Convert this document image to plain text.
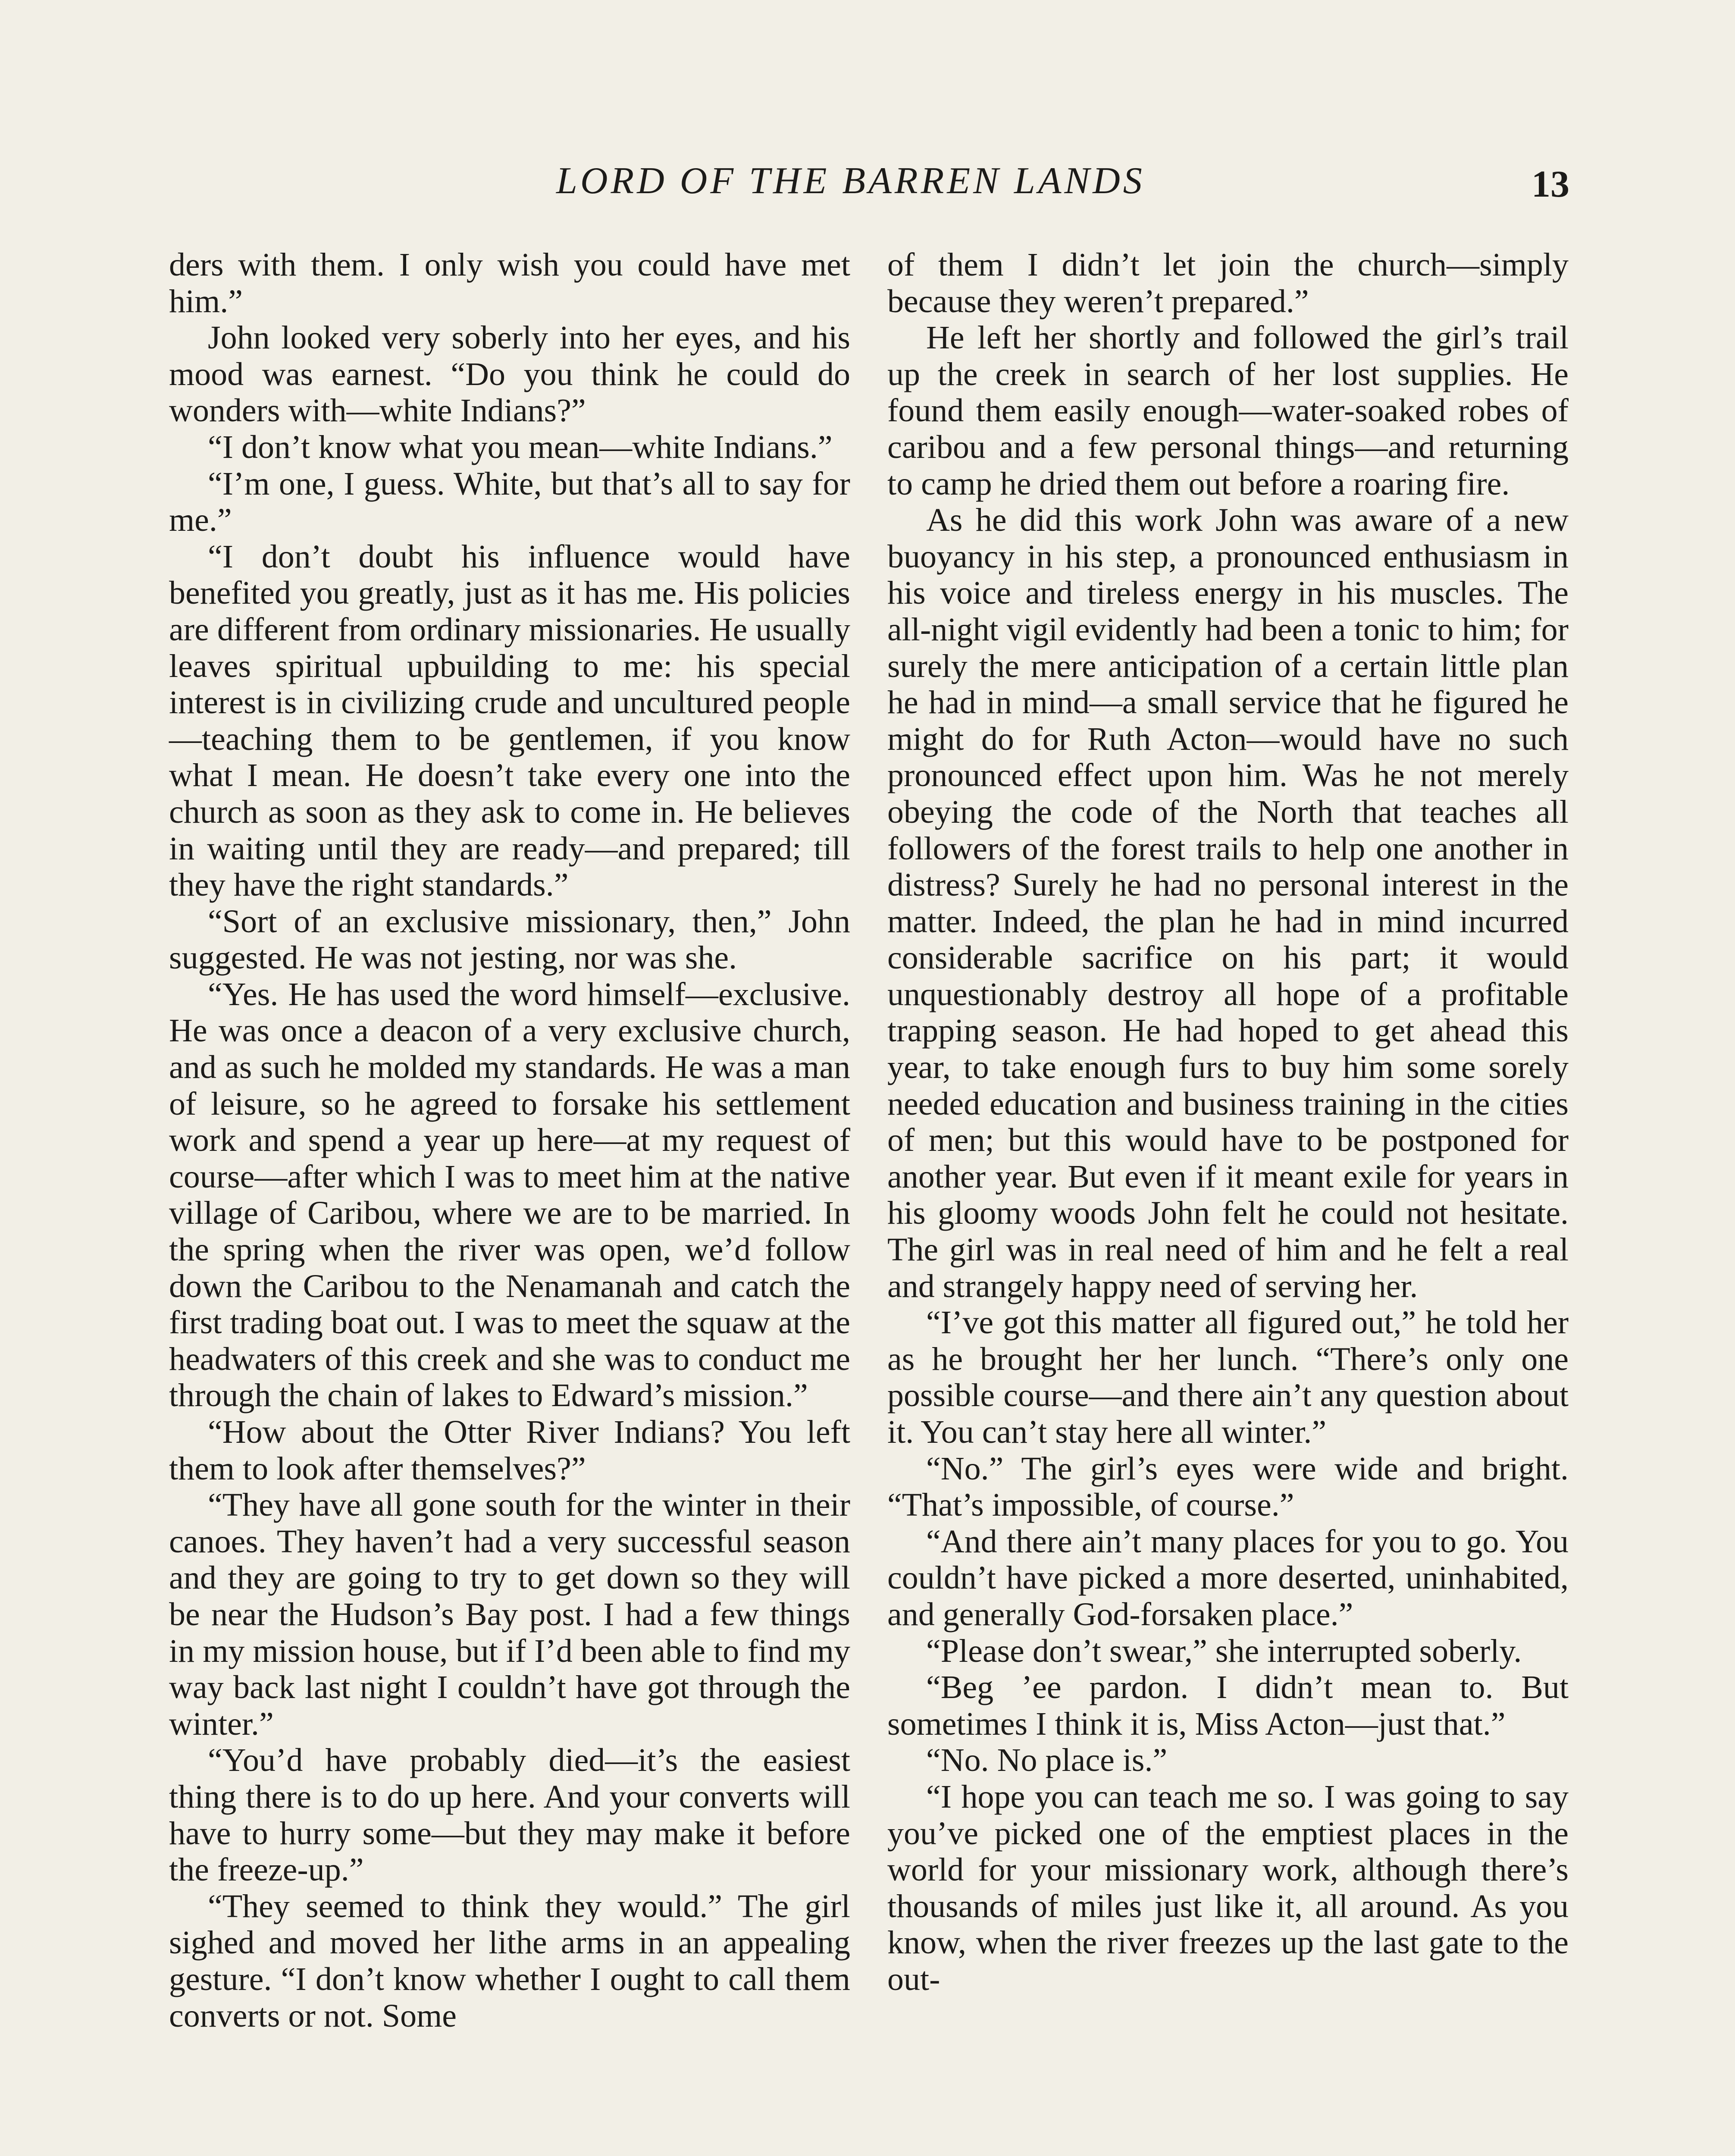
LORD OF THE BARREN LANDS	13

ders with them. I only wish you could have met him.”

John looked very soberly into her eyes, and his mood was earnest. “Do you think he could do wonders with—white Indians?”

“I don’t know what you mean—white Indians.”

“I’m one, I guess. White, but that’s all to say for me.”

“I don’t doubt his influence would have benefited you greatly, just as it has me. His policies are different from ordinary missionaries. He usually leaves spiritual upbuilding to me: his special interest is in civilizing crude and uncultured people—teaching them to be gentlemen, if you know what I mean. He doesn’t take every one into the church as soon as they ask to come in. He believes in waiting until they are ready—and prepared; till they have the right standards.”

“Sort of an exclusive missionary, then,” John suggested. He was not jesting, nor was she.

“Yes. He has used the word himself—exclusive. He was once a deacon of a very exclusive church, and as such he molded my standards. He was a man of leisure, so he agreed to forsake his settlement work and spend a year up here—at my request of course—after which I was to meet him at the native village of Caribou, where we are to be married. In the spring when the river was open, we’d follow down the Caribou to the Nenamanah and catch the first trading boat out. I was to meet the squaw at the headwaters of this creek and she was to conduct me through the chain of lakes to Edward’s mission.”

“How about the Otter River Indians? You left them to look after themselves?”

“They have all gone south for the winter in their canoes. They haven’t had a very successful season and they are going to try to get down so they will be near the Hudson’s Bay post. I had a few things in my mission house, but if I’d been able to find my way back last night I couldn’t have got through the winter.”

“You’d have probably died—it’s the easiest thing there is to do up here. And your converts will have to hurry some—but they may make it before the freeze-up.”

“They seemed to think they would.” The girl sighed and moved her lithe arms in an appealing gesture. “I don’t know whether I ought to call them converts or not. Some

of them I didn’t let join the church—simply because they weren’t prepared.”

He left her shortly and followed the girl’s trail up the creek in search of her lost supplies. He found them easily enough—water-soaked robes of caribou and a few personal things—and returning to camp he dried them out before a roaring fire.

As he did this work John was aware of a new buoyancy in his step, a pronounced enthusiasm in his voice and tireless energy in his muscles. The all-night vigil evidently had been a tonic to him; for surely the mere anticipation of a certain little plan he had in mind—a small service that he figured he might do for Ruth Acton—would have no such pronounced effect upon him. Was he not merely obeying the code of the North that teaches all followers of the forest trails to help one another in distress? Surely he had no personal interest in the matter. Indeed, the plan he had in mind incurred considerable sacrifice on his part; it would unquestionably destroy all hope of a profitable trapping season. He had hoped to get ahead this year, to take enough furs to buy him some sorely needed education and business training in the cities of men; but this would have to be postponed for another year. But even if it meant exile for years in his gloomy woods John felt he could not hesitate. The girl was in real need of him and he felt a real and strangely happy need of serving her.

“I’ve got this matter all figured out,” he told her as he brought her her lunch. “There’s only one possible course—and there ain’t any question about it. You can’t stay here all winter.”

“No.” The girl’s eyes were wide and bright. “That’s impossible, of course.”

“And there ain’t many places for you to go. You couldn’t have picked a more deserted, uninhabited, and generally God-forsaken place.”

“Please don’t swear,” she interrupted soberly.

“Beg ’ee pardon. I didn’t mean to. But sometimes I think it is, Miss Acton—just that.”

“No. No place is.”

“I hope you can teach me so. I was going to say you’ve picked one of the emptiest places in the world for your missionary work, although there’s thousands of miles just like it, all around. As you know, when the river freezes up the last gate to the out-
